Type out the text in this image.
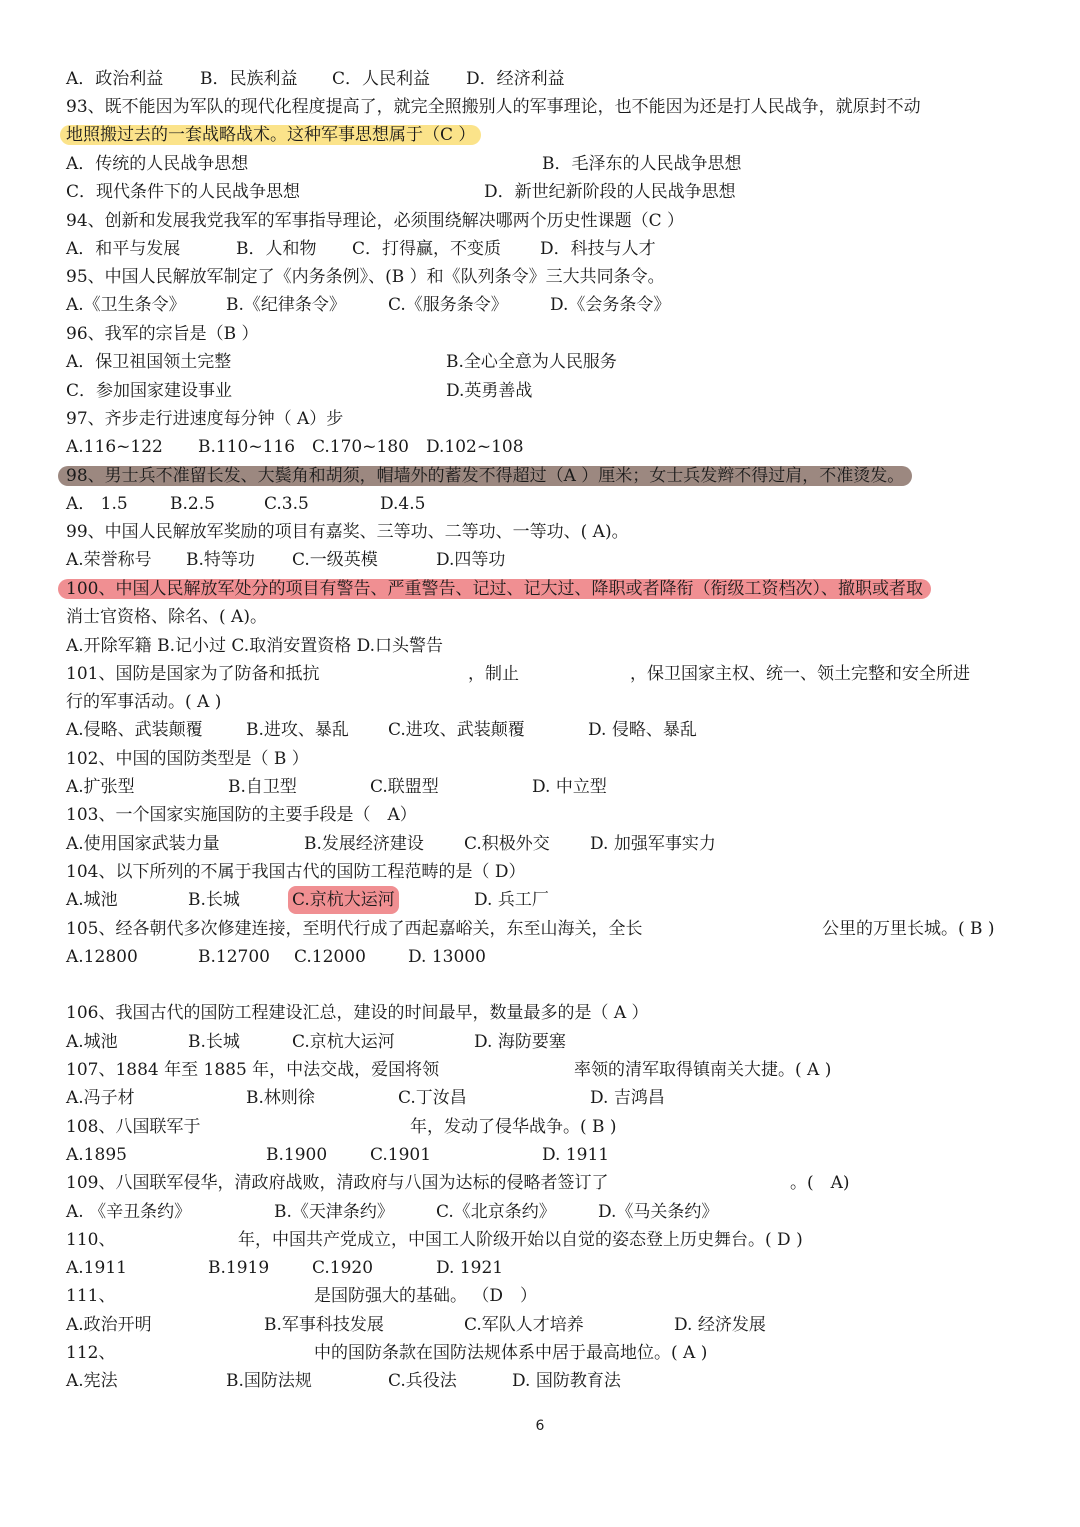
A．政治利益 B．民族利益 C．人民利益 D．经济利益
93、既不能因为军队的现代化程度提高了，就完全照搬别人的军事理论，也不能因为还是打人民战争，就原封不动
地照搬过去的一套战略战术。这种军事思想属于（C ）
A．传统的人民战争思想	B．毛泽东的人民战争思想
C．现代条件下的人民战争思想	D．新世纪新阶段的人民战争思想
94、创新和发展我党我军的军事指导理论，必须围绕解决哪两个历史性课题（C ）
A．和平与发展	B．人和物 C．打得赢，不变质 D．科技与人才
95、中国人民解放军制定了《内务条例》、(B ）和《队列条令》三大共同条令。
A.《卫生条令》 B.《纪律条令》 C.《服务条令》 D.《会务条令》
96、我军的宗旨是（B ）
A．保卫祖国领土完整	B.全心全意为人民服务
C．参加国家建设事业	D.英勇善战
97、齐步走行进速度每分钟（ A）步
A.116~122 B.110~116 C.170~180 D.102~108
98、男士兵不准留长发、大鬓角和胡须，帽墙外的蓄发不得超过（A ）厘米；女士兵发辫不得过肩，不准烫发。
A． 1.5 B.2.5	C.3.5	D.4.5
99、中国人民解放军奖励的项目有嘉奖、三等功、二等功、一等功、( A)。
A.荣誉称号 B.特等功 C.一级英模	D.四等功
100、中国人民解放军处分的项目有警告、严重警告、记过、记大过、降职或者降衔（衔级工资档次）、撤职或者取
消士官资格、除名、( A)。
A.开除军籍 B.记小过 C.取消安置资格 D.口头警告
101、国防是国家为了防备和抵抗	，制止	，保卫国家主权、统一、领土完整和安全所进
行的军事活动。( A )
A.侵略、武装颠覆	B.进攻、暴乱 C.进攻、武装颠覆	D. 侵略、暴乱
102、中国的国防类型是（ B ）
A.扩张型	B.自卫型	C.联盟型	D. 中立型
103、一个国家实施国防的主要手段是（　A）
A.使用国家武装力量	B.发展经济建设 C.积极外交 D. 加强军事实力
104、以下所列的不属于我国古代的国防工程范畴的是（ D）
A.城池	B.长城	C.京杭大运河	D. 兵工厂
105、经各朝代多次修建连接，至明代行成了西起嘉峪关，东至山海关，全长	公里的万里长城。( B )
A.12800	B.12700 C.12000 D. 13000
106、我国古代的国防工程建设汇总，建设的时间最早，数量最多的是（ A ）
A.城池	B.长城	C.京杭大运河	D. 海防要塞
107、1884 年至 1885 年，中法交战，爱国将领	率领的清军取得镇南关大捷。( A )
A.冯子材	B.林则徐	C.丁汝昌	D. 吉鸿昌
108、八国联军于	年，发动了侵华战争。( B )
A.1895	B.1900	C.1901	D. 1911
109、八国联军侵华，清政府战败，清政府与八国为达标的侵略者签订了	。(　A)
A. 《辛丑条约》	B.《天津条约》 C.《北京条约》 D.《马关条约》
110、	年，中国共产党成立，中国工人阶级开始以自觉的姿态登上历史舞台。( D )
A.1911	B.1919	C.1920	D. 1921
111、	是国防强大的基础。 （D　）
A.政治开明	B.军事科技发展	C.军队人才培养	D. 经济发展
112、	中的国防条款在国防法规体系中居于最高地位。( A )
A.宪法	B.国防法规	C.兵役法	D. 国防教育法
6
